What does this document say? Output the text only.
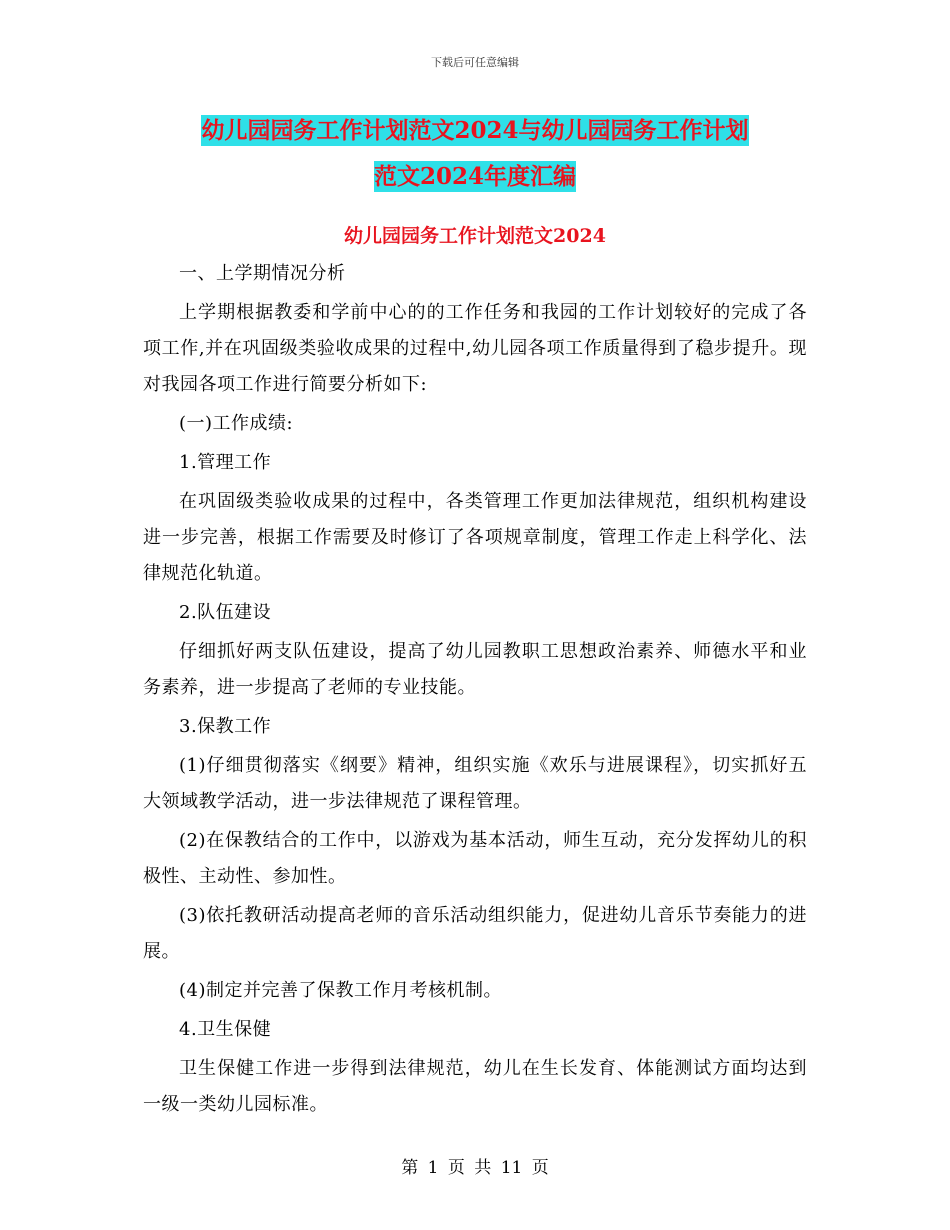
下载后可任意编辑
幼儿园园务工作计划范文2024与幼儿园园务工作计划
范文2024年度汇编
幼儿园园务工作计划范文2024

一、上学期情况分析

上学期根据教委和学前中心的的工作任务和我园的工作计划较好的完成了各项工作,并在巩固级类验收成果的过程中,幼儿园各项工作质量得到了稳步提升。现对我园各项工作进行简要分析如下:

(一)工作成绩:

1.管理工作

在巩固级类验收成果的过程中，各类管理工作更加法律规范，组织机构建设进一步完善，根据工作需要及时修订了各项规章制度，管理工作走上科学化、法律规范化轨道。

2.队伍建设

仔细抓好两支队伍建设，提高了幼儿园教职工思想政治素养、师德水平和业务素养，进一步提高了老师的专业技能。

3.保教工作

(1)仔细贯彻落实《纲要》精神，组织实施《欢乐与进展课程》，切实抓好五大领域教学活动，进一步法律规范了课程管理。

(2)在保教结合的工作中，以游戏为基本活动，师生互动，充分发挥幼儿的积极性、主动性、参加性。

(3)依托教研活动提高老师的音乐活动组织能力，促进幼儿音乐节奏能力的进展。

(4)制定并完善了保教工作月考核机制。

4.卫生保健

卫生保健工作进一步得到法律规范，幼儿在生长发育、体能测试方面均达到一级一类幼儿园标准。

第 1 页 共 11 页
